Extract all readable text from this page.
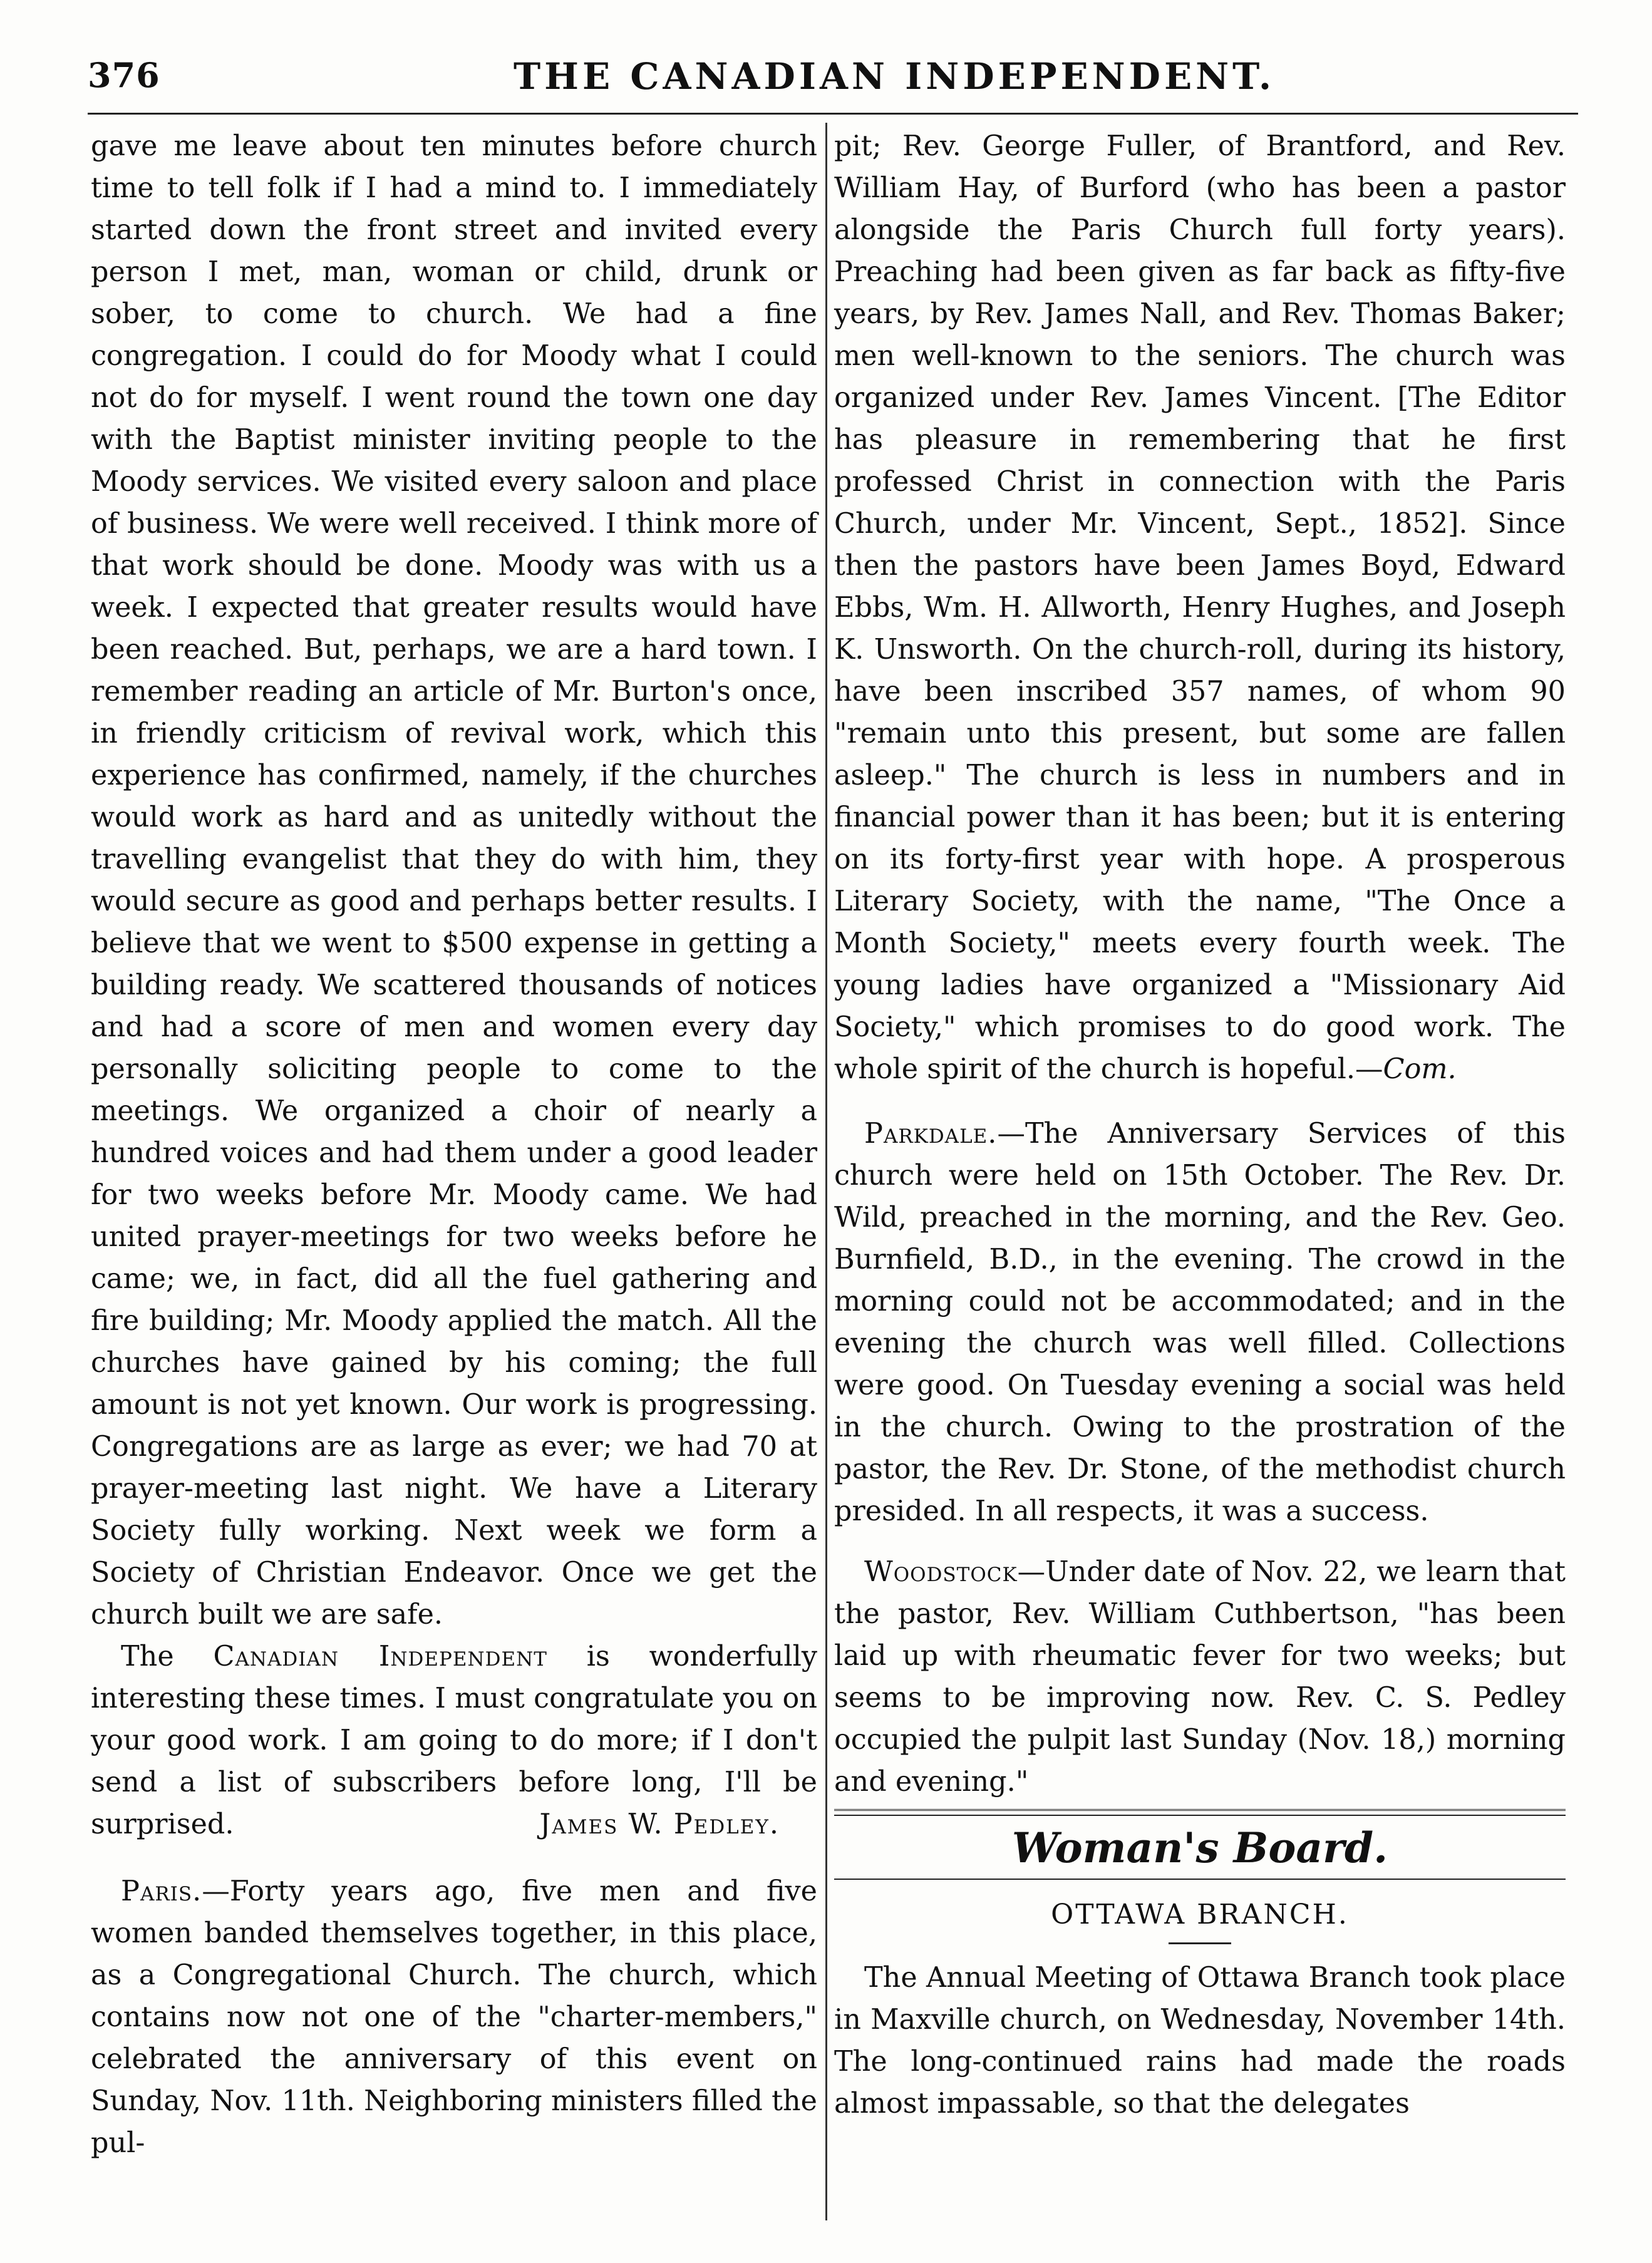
376	THE CANADIAN INDEPENDENT.

gave me leave about ten minutes before church time to tell folk if I had a mind to. I immediately started down the front street and invited every person I met, man, woman or child, drunk or sober, to come to church. We had a fine congregation. I could do for Moody what I could not do for myself. I went round the town one day with the Baptist minister inviting people to the Moody services. We visited every saloon and place of business. We were well received. I think more of that work should be done. Moody was with us a week. I expected that greater results would have been reached. But, perhaps, we are a hard town. I remember reading an article of Mr. Burton's once, in friendly criticism of revival work, which this experience has confirmed, namely, if the churches would work as hard and as unitedly without the travelling evangelist that they do with him, they would secure as good and perhaps better results. I believe that we went to $500 expense in getting a building ready. We scattered thousands of notices and had a score of men and women every day personally soliciting people to come to the meetings. We organized a choir of nearly a hundred voices and had them under a good leader for two weeks before Mr. Moody came. We had united prayer-meetings for two weeks before he came; we, in fact, did all the fuel gathering and fire building; Mr. Moody applied the match. All the churches have gained by his coming; the full amount is not yet known. Our work is progressing. Congregations are as large as ever; we had 70 at prayer-meeting last night. We have a Literary Society fully working. Next week we form a Society of Christian Endeavor. Once we get the church built we are safe.

The Canadian Independent is wonderfully interesting these times. I must congratulate you on your good work. I am going to do more; if I don't send a list of subscribers before long, I'll be surprised.	James W. Pedley.

Paris.—Forty years ago, five men and five women banded themselves together, in this place, as a Congregational Church. The church, which contains now not one of the "charter-members," celebrated the anniversary of this event on Sunday, Nov. 11th. Neighboring ministers filled the pul-

pit; Rev. George Fuller, of Brantford, and Rev. William Hay, of Burford (who has been a pastor alongside the Paris Church full forty years). Preaching had been given as far back as fifty-five years, by Rev. James Nall, and Rev. Thomas Baker; men well-known to the seniors. The church was organized under Rev. James Vincent. [The Editor has pleasure in remembering that he first professed Christ in connection with the Paris Church, under Mr. Vincent, Sept., 1852]. Since then the pastors have been James Boyd, Edward Ebbs, Wm. H. Allworth, Henry Hughes, and Joseph K. Unsworth. On the church-roll, during its history, have been inscribed 357 names, of whom 90 "remain unto this present, but some are fallen asleep." The church is less in numbers and in financial power than it has been; but it is entering on its forty-first year with hope. A prosperous Literary Society, with the name, "The Once a Month Society," meets every fourth week. The young ladies have organized a "Missionary Aid Society," which promises to do good work. The whole spirit of the church is hopeful.—Com.

Parkdale.—The Anniversary Services of this church were held on 15th October. The Rev. Dr. Wild, preached in the morning, and the Rev. Geo. Burnfield, B.D., in the evening. The crowd in the morning could not be accommodated; and in the evening the church was well filled. Collections were good. On Tuesday evening a social was held in the church. Owing to the prostration of the pastor, the Rev. Dr. Stone, of the methodist church presided. In all respects, it was a success.

Woodstock—Under date of Nov. 22, we learn that the pastor, Rev. William Cuthbertson, "has been laid up with rheumatic fever for two weeks; but seems to be improving now. Rev. C. S. Pedley occupied the pulpit last Sunday (Nov. 18,) morning and evening."

Woman's Board.

OTTAWA BRANCH.

The Annual Meeting of Ottawa Branch took place in Maxville church, on Wednesday, November 14th. The long-continued rains had made the roads almost impassable, so that the delegates
